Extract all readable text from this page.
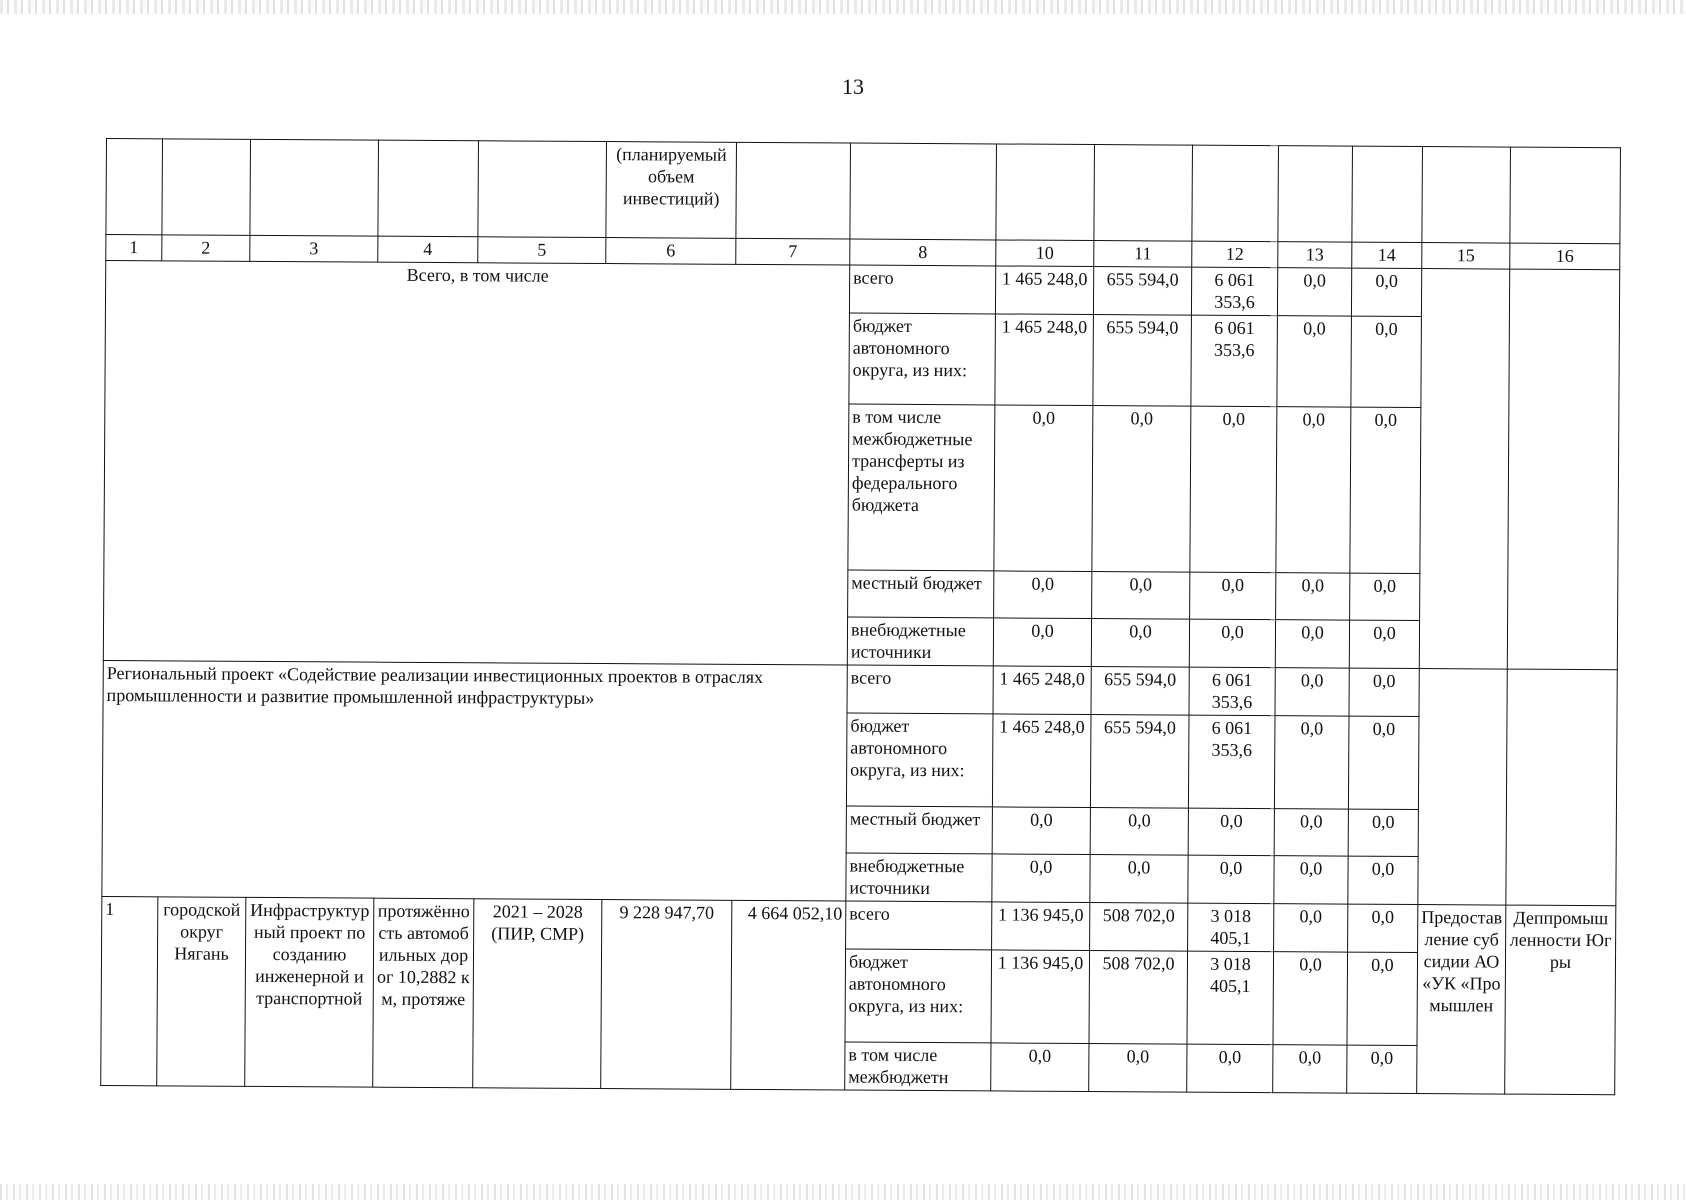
13
					(планируемый объем инвестиций)									
1	2	3	4	5	6	7	8	10	11	12	13	14	15	16
Всего, в том числе							всего	1 465 248,0	655 594,0	6 061 353,6	0,0	0,0		
							бюджет автономного округа, из них:	1 465 248,0	655 594,0	6 061 353,6	0,0	0,0		
							в том числе межбюджетные трансферты из федерального бюджета	0,0	0,0	0,0	0,0	0,0		
							местный бюджет	0,0	0,0	0,0	0,0	0,0		
							внебюджетные источники	0,0	0,0	0,0	0,0	0,0		
Региональный проект «Содействие реализации инвестиционных проектов в отраслях промышленности и развитие промышленной инфраструктуры»							всего	1 465 248,0	655 594,0	6 061 353,6	0,0	0,0		
							бюджет автономного округа, из них:	1 465 248,0	655 594,0	6 061 353,6	0,0	0,0		
							местный бюджет	0,0	0,0	0,0	0,0	0,0		
							внебюджетные источники	0,0	0,0	0,0	0,0	0,0		
1	городской округ Нягань	Инфраструктурный проект по созданию инженерной и транспортной	протяжённость автомобильных дорог 10,2882 км, протяже	2021 – 2028 (ПИР, СМР)	9 228 947,70	4 664 052,10	всего	1 136 945,0	508 702,0	3 018 405,1	0,0	0,0	Предоставление субсидии АО «УК «Промышлен	Деппромышленности Югры
							бюджет автономного округа, из них:	1 136 945,0	508 702,0	3 018 405,1	0,0	0,0		
							в том числе межбюджетн	0,0	0,0	0,0	0,0	0,0		
